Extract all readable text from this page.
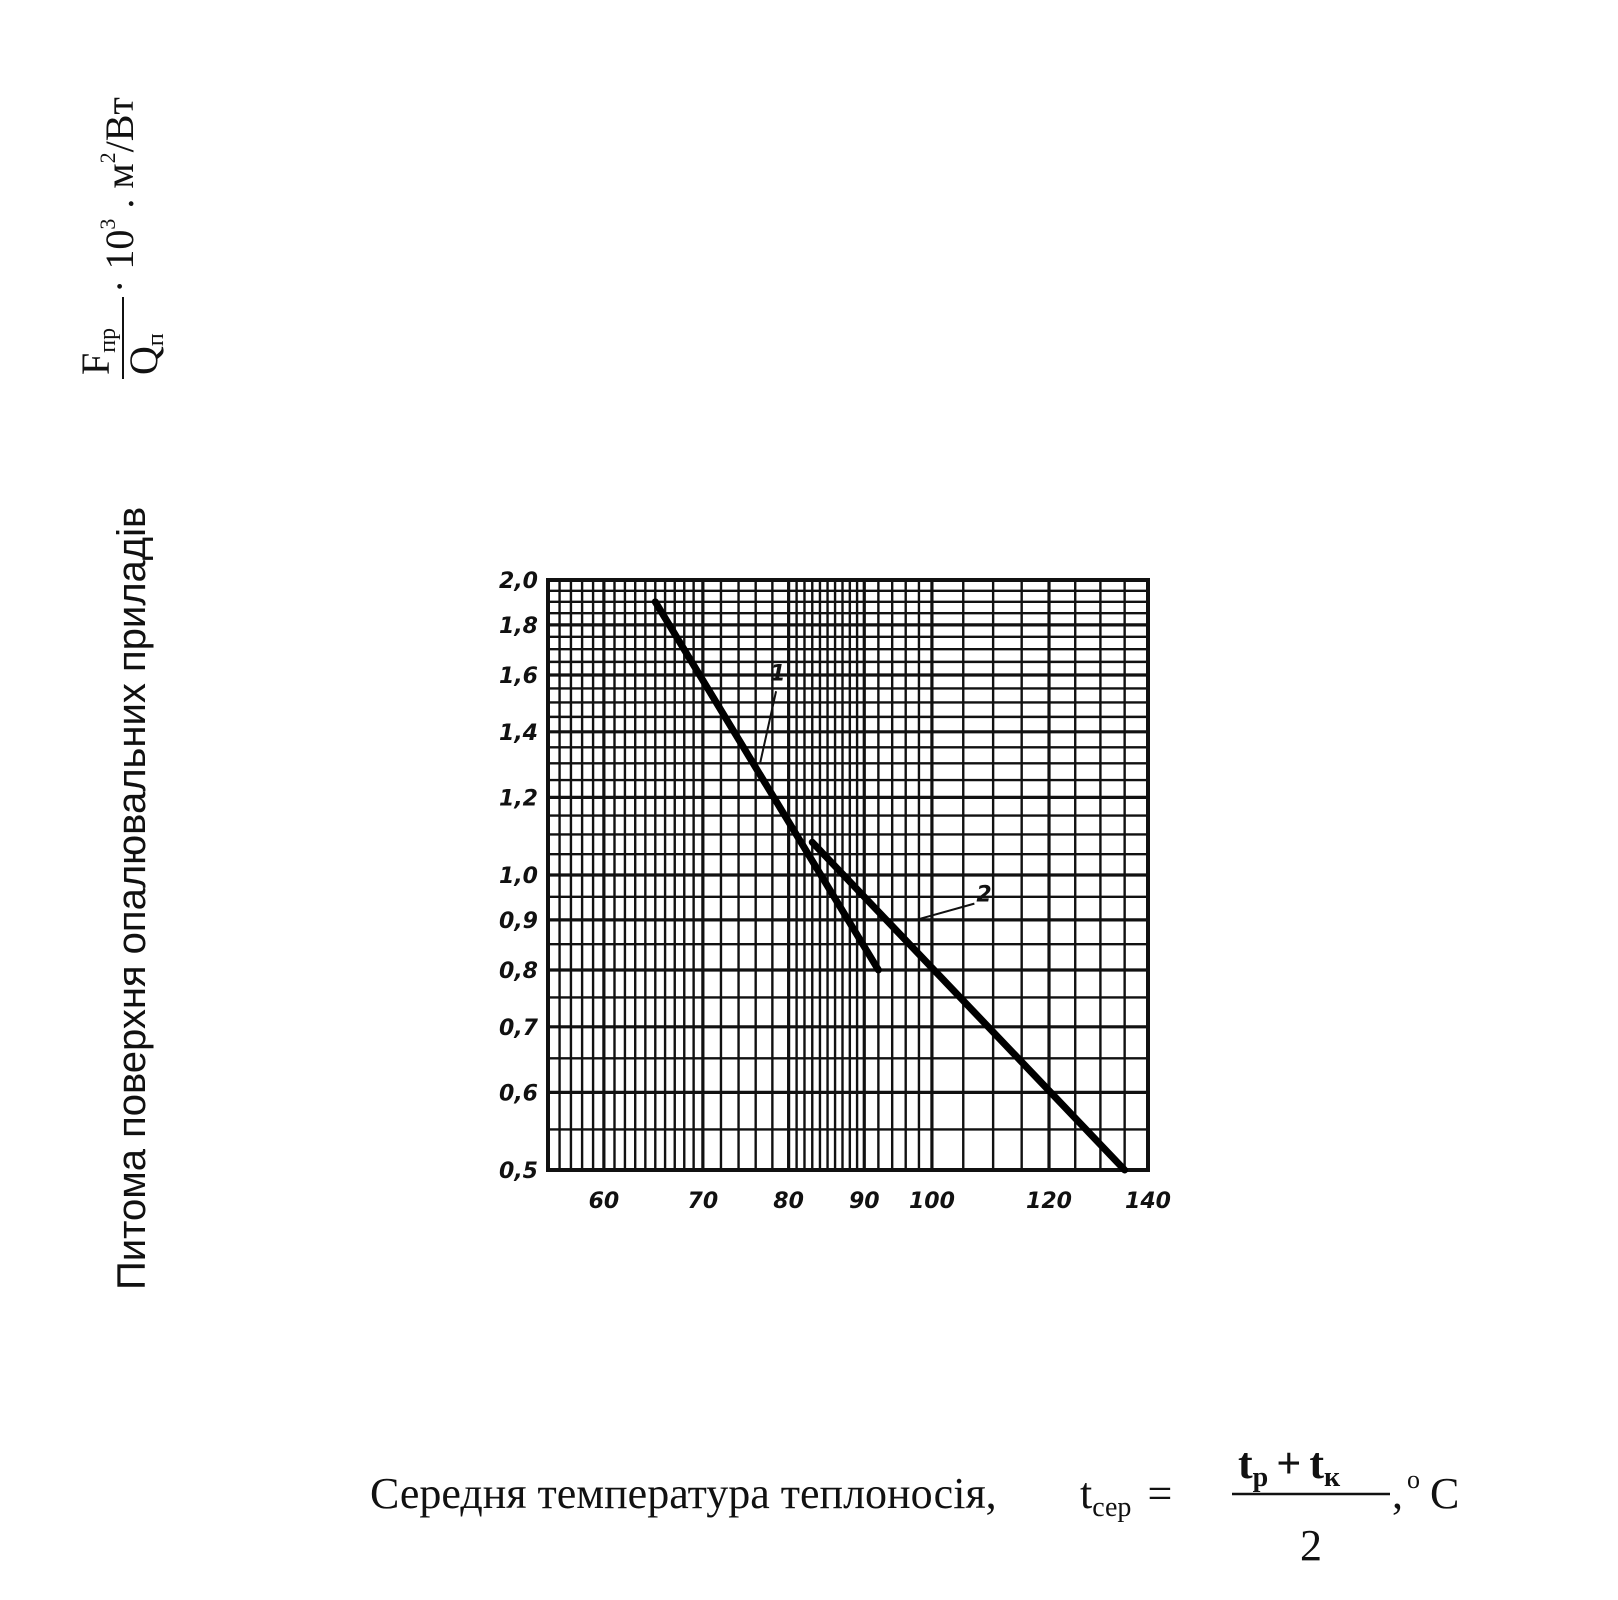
60	70	80 90 100	120 140
0,5
0,6
0,7
0,8
0,9
1,0
1,2
1,4
1,6
1,8
2,0
1
2
Питома поверхня опалювальних приладів
Fпр
Qп
· $10^3$ . $м^2/Вт$
Середня температура теплоносія, tсер =
tр + tк
2
, $^о$ C
